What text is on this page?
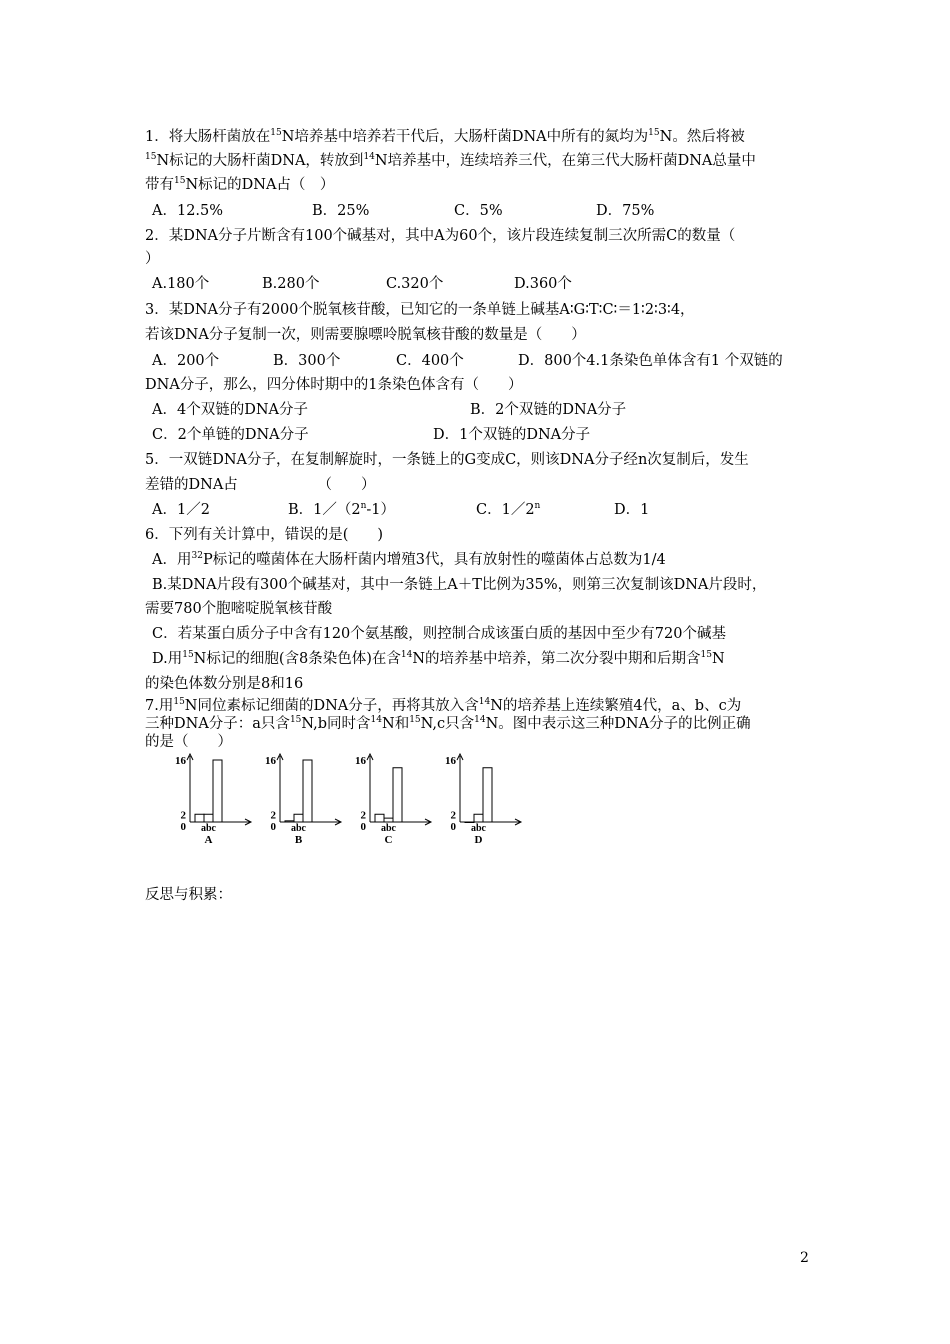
1．将大肠杆菌放在$^{15}$N培养基中培养若干代后，大肠杆菌DNA中所有的氮均为$^{15}$N。然后将被
$^{15}$N标记的大肠杆菌DNA，转放到$^{14}$N培养基中，连续培养三代，在第三代大肠杆菌DNA总量中
带有$^{15}$N标记的DNA占（　）
A．12.5%	B．25%	C．5%	D．75%
2．某DNA分子片断含有100个碱基对，其中A为60个，该片段连续复制三次所需C的数量（
）
A.180个	B.280个	C.320个	D.360个
3．某DNA分子有2000个脱氧核苷酸，已知它的一条单链上碱基A∶G∶T∶C∶＝1∶2∶3∶4，
若该DNA分子复制一次，则需要腺嘌呤脱氧核苷酸的数量是（　　）
A．200个	B．300个	C．400个	D．800个4.1条染色单体含有1 个双链的
DNA分子，那么，四分体时期中的1条染色体含有（　　）
A．4个双链的DNA分子	B．2个双链的DNA分子
C．2个单链的DNA分子	D．1个双链的DNA分子
5．一双链DNA分子，在复制解旋时，一条链上的G变成C，则该DNA分子经n次复制后，发生
差错的DNA占　　　　　　（　　）
A．1／2	B．1／（2$^n$-1）	C．1／2$^n$	D．1
6．下列有关计算中，错误的是(　　)
A．用$^{32}$P标记的噬菌体在大肠杆菌内增殖3代，具有放射性的噬菌体占总数为1/4
B.某DNA片段有300个碱基对，其中一条链上A＋T比例为35%，则第三次复制该DNA片段时，
需要780个胞嘧啶脱氧核苷酸
C．若某蛋白质分子中含有120个氨基酸，则控制合成该蛋白质的基因中至少有720个碱基
D.用$^{15}$N标记的细胞(含8条染色体)在含$^{14}$N的培养基中培养，第二次分裂中期和后期含$^{15}$N
的染色体数分别是8和16
7.用$^{15}$N同位素标记细菌的DNA分子，再将其放入含$^{14}$N的培养基上连续繁殖4代，a、b、c为
三种DNA分子：a只含$^{15}$N,b同时含$^{14}$N和$^{15}$N,c只含$^{14}$N。图中表示这三种DNA分子的比例正确
的是（　　）
0
2
16
abc
A
0
2
16
abc
B
0
2
16
abc
C
0
2
16
abc
D
反思与积累：
2
